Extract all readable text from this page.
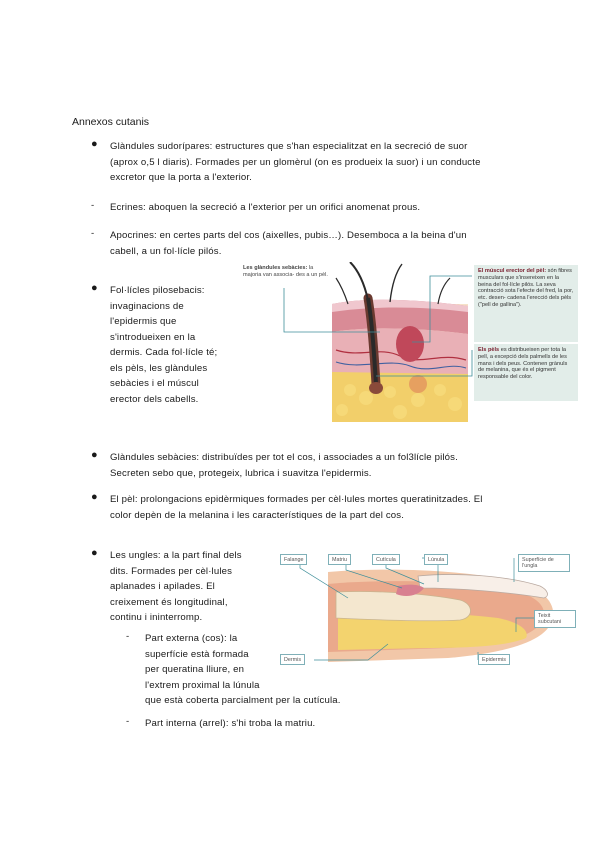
Annexos cutanis
● Glàndules sudorípares: estructures que s'han especialitzat en la secreció de suor
(aprox o,5 l diaris). Formades per un glomèrul (on es produeix la suor) i un conducte
excretor que la porta a l'exterior.
- Ecrines: aboquen la secreció a l'exterior per un orifici anomenat prous.
- Apocrines: en certes parts del cos (aixelles, pubis…). Desemboca a la beina d'un
cabell, a un fol·lícle pilós.
● Fol·lícles pilosebacis:
invaginacions de
l'epidermis que
s'introdueixen en la
dermis. Cada fol·lícle té;
els pèls, les glàndules
sebàcies i el múscul
erector dels cabells.
Les glàndules sebàcies: la majoria van associa- des a un pèl.
El múscul erector del pèl: són fibres musculars que s'insereixen en la beina del fol·lícle pilós. La seva contracció sota l'efecte del fred, la por, etc. desen- cadena l'erecció dels pèls ("pell de gallina").
Els pèls es distribueixen per tota la pell, a excepció dels palmells de les mans i dels peus. Contenen grànuls de melanina, que és el pigment responsable del color.
● Glàndules sebàcies: distribuïdes per tot el cos, i associades a un fol3lícle pilós.
Secreten sebo que, protegeix, lubrica i suavitza l'epidermis.
● El pèl: prolongacions epidèrmiques formades per cèl·lules mortes queratinitzades. El
color depèn de la melanina i les característiques de la part del cos.
● Les ungles: a la part final dels
dits. Formades per cèl·lules
aplanades i apilades. El
creixement és longitudinal,
continu i ininterromp.
- Part externa (cos): la
superfície està formada
per queratina lliure, en
l'extrem proximal la lúnula
que està coberta parcialment per la cutícula.
- Part interna (arrel): s'hi troba la matriu.
Falange	Matriu	Cutícula	Lúnula	Superfície de l'ungla
Teixit subcutani
Dermis	Epidermis
